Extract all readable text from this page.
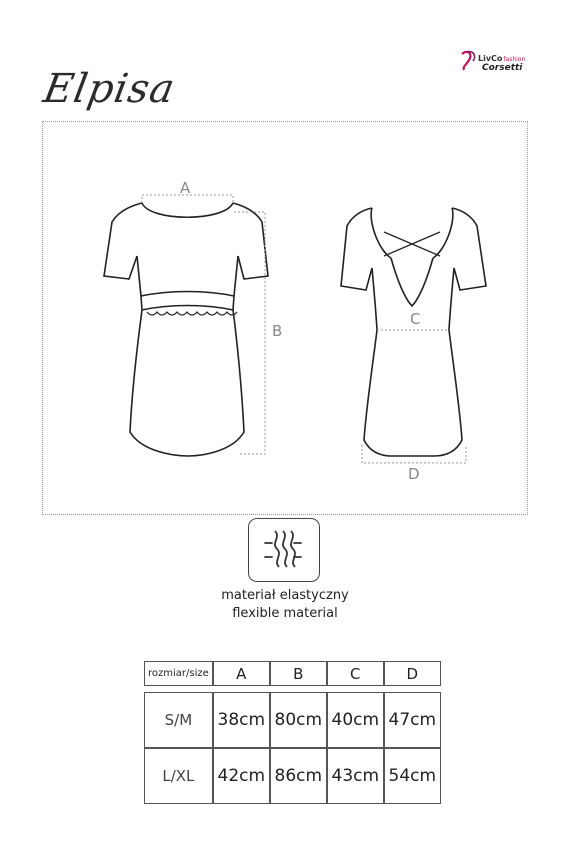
Elpisa
LivCofashion
Corsetti
A
B
C
D
materiał elastyczny
flexible material
rozmiar/size	A	B	C	D

S/M	38cm	80cm	40cm	47cm
L/XL	42cm	86cm	43cm	54cm
